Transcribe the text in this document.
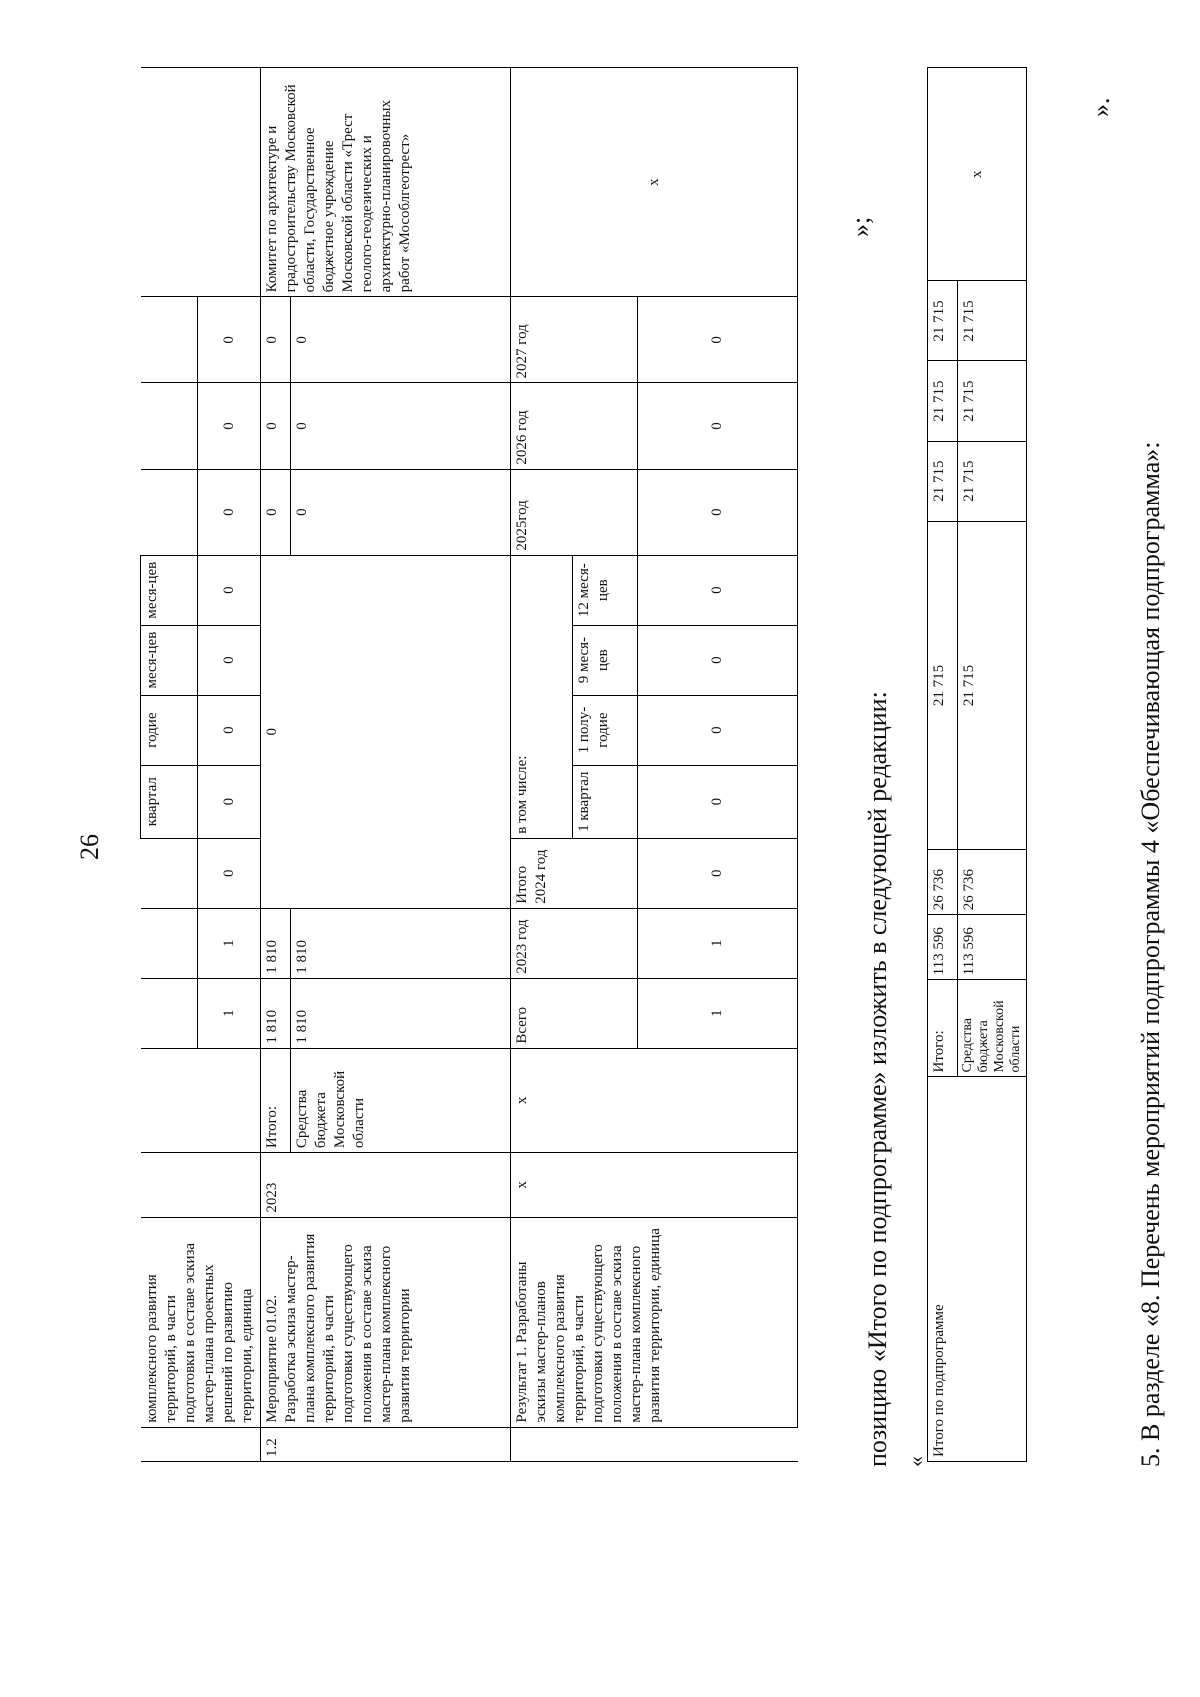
26
	комплексного развития территорий, в части подготовки в составе эскиза мастер-плана проектных решений по развитию территории, единица						квартал	годие	меся-цев	меся-цев				
				1	1	0	0	0	0	0	0	0	0	
1.2	Мероприятие 01.02. Разработка эскиза мастер-плана комплексного развития территорий, в части подготовки существующего положения в составе эскиза мастер-плана комплексного развития территории	2023	Итого:	1 810	1 810	0					0	0	0	Комитет по архитектуре и градостроительству Московской области, Государственное бюджетное учреждение Московской области «Трест геолого-геодезических и архитектурно-планировочных работ «Мособлгеотрест»
			Средства бюджета Московской области	1 810	1 810						0	0	0	
	Результат 1. Разработаны эскизы мастер-планов комплексного развития территорий, в части подготовки существующего положения в составе эскиза мастер-плана комплексного развития территории, единица	х	х	Всего	2023 год	Итого 2024 год	в том числе:				2025год	2026 год	2027 год	х
							1 квартал	1 полу-годие	9 меся-цев	12 меся-цев				
				1	1	0	0	0	0	0	0	0	0	
позицию «Итого по подпрограмме» изложить в следующей редакции:
»;
«
Итого по подпрограмме	Итого:	113 596	26 736	21 715	21 715	21 715	21 715	х
	Средства бюджета Московской области	113 596	26 736	21 715	21 715	21 715	21 715	
».
5. В разделе «8. Перечень мероприятий подпрограммы 4 «Обеспечивающая подпрограмма»:
